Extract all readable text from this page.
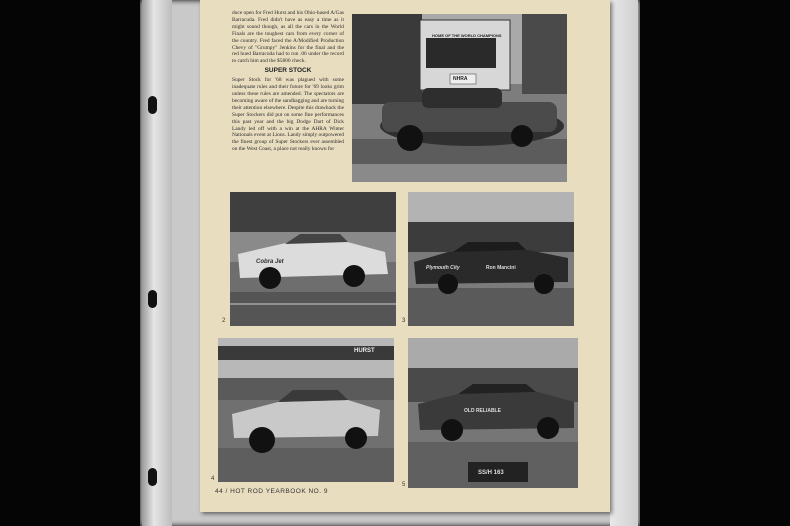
duce open for Fred Hurst and his Ohio-based A/Gas Barracuda. Fred didn't have as easy a time as it might sound though, as all the cars in the World Finals are the toughest cars from every corner of the country. Fred faced the A/Modified Production Chevy of "Grumpy" Jenkins for the final and the red hued Barracuda had to run .06 under the record to catch him and the $5800 check.

SUPER STOCK

Super Stock for '68 was plagued with some inadequate rules and their future for '69 looks grim unless these rules are amended. The spectators are becoming aware of the sandbagging and are turning their attention elsewhere. Despite this drawback the Super Stockers did put on some fine performances this past year and the big Dodge Dart of Dick Landy led off with a win at the AHRA Winter Nationals event at Lions. Landy simply outpowered the finest group of Super Stockers ever assembled on the West Coast, a place not really known for

HOME OF THE WORLD CHAMPIONS
NHRA
Cobra Jet
2
Plymouth City	Ron Mancini
3
HURST
4
OLD RELIABLE
SS/H 163
5
44 / HOT ROD YEARBOOK NO. 9
